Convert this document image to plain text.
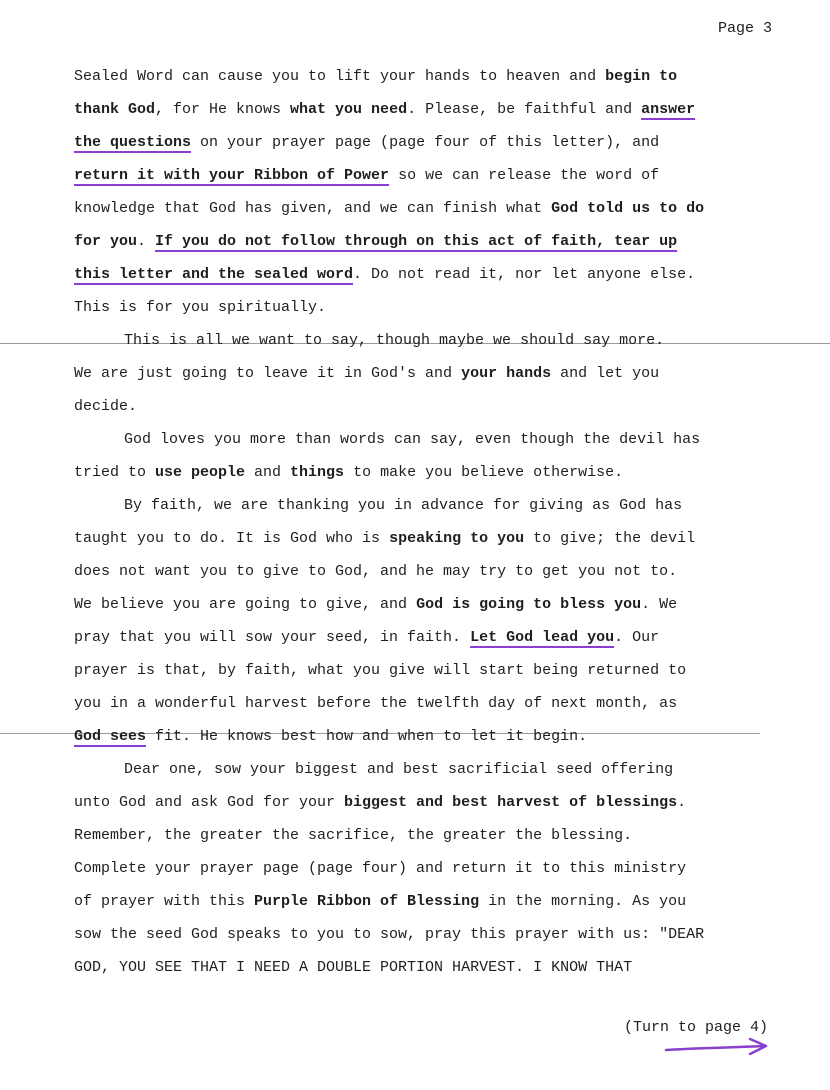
Page 3

Sealed Word can cause you to lift your hands to heaven and begin to

thank God, for He knows what you need. Please, be faithful and answer

the questions on your prayer page (page four of this letter), and

return it with your Ribbon of Power so we can release the word of

knowledge that God has given, and we can finish what God told us to do

for you. If you do not follow through on this act of faith, tear up

this letter and the sealed word. Do not read it, nor let anyone else.

This is for you spiritually.

This is all we want to say, though maybe we should say more.

We are just going to leave it in God's and your hands and let you

decide.

God loves you more than words can say, even though the devil has

tried to use people and things to make you believe otherwise.

By faith, we are thanking you in advance for giving as God has

taught you to do. It is God who is speaking to you to give; the devil

does not want you to give to God, and he may try to get you not to.

We believe you are going to give, and God is going to bless you. We

pray that you will sow your seed, in faith. Let God lead you. Our

prayer is that, by faith, what you give will start being returned to

you in a wonderful harvest before the twelfth day of next month, as

God sees fit. He knows best how and when to let it begin.

Dear one, sow your biggest and best sacrificial seed offering

unto God and ask God for your biggest and best harvest of blessings.

Remember, the greater the sacrifice, the greater the blessing.

Complete your prayer page (page four) and return it to this ministry

of prayer with this Purple Ribbon of Blessing in the morning. As you

sow the seed God speaks to you to sow, pray this prayer with us: "DEAR

GOD, YOU SEE THAT I NEED A DOUBLE PORTION HARVEST. I KNOW THAT

(Turn to page 4)
